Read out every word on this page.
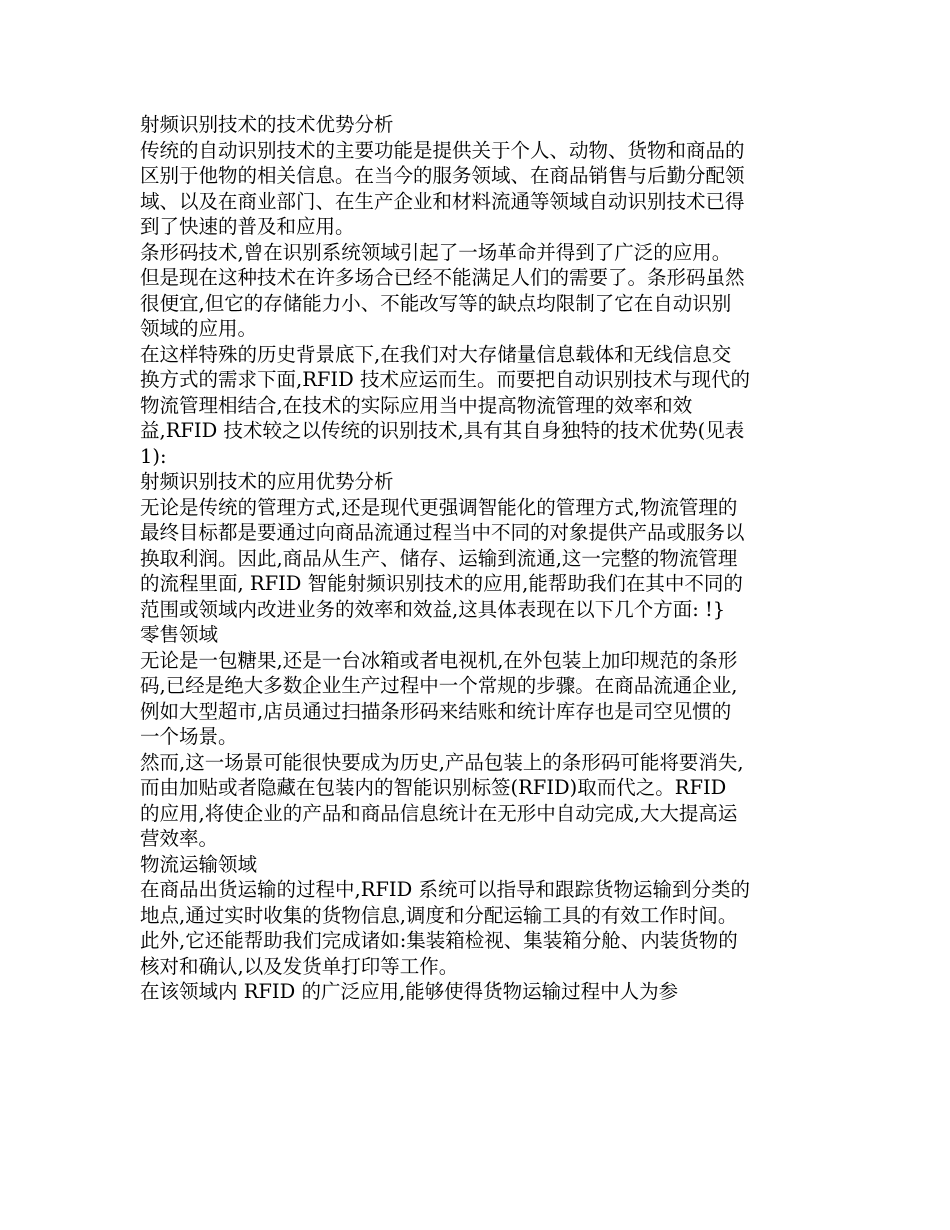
射频识别技术的技术优势分析

传统的自动识别技术的主要功能是提供关于个人、动物、货物和商品的区别于他物的相关信息。在当今的服务领域、在商品销售与后勤分配领域、以及在商业部门、在生产企业和材料流通等领域自动识别技术已得到了快速的普及和应用。

条形码技术,曾在识别系统领域引起了一场革命并得到了广泛的应用。但是现在这种技术在许多场合已经不能满足人们的需要了。条形码虽然很便宜,但它的存储能力小、不能改写等的缺点均限制了它在自动识别领域的应用。

在这样特殊的历史背景底下,在我们对大存储量信息载体和无线信息交换方式的需求下面,RFID 技术应运而生。而要把自动识别技术与现代的物流管理相结合,在技术的实际应用当中提高物流管理的效率和效益,RFID 技术较之以传统的识别技术,具有其自身独特的技术优势(见表 1):

射频识别技术的应用优势分析

无论是传统的管理方式,还是现代更强调智能化的管理方式,物流管理的最终目标都是要通过向商品流通过程当中不同的对象提供产品或服务以换取利润。因此,商品从生产、储存、运输到流通,这一完整的物流管理的流程里面, RFID 智能射频识别技术的应用,能帮助我们在其中不同的范围或领域内改进业务的效率和效益,这具体表现在以下几个方面: !}

零售领域

无论是一包糖果,还是一台冰箱或者电视机,在外包装上加印规范的条形码,已经是绝大多数企业生产过程中一个常规的步骤。在商品流通企业,例如大型超市,店员通过扫描条形码来结账和统计库存也是司空见惯的一个场景。

然而,这一场景可能很快要成为历史,产品包装上的条形码可能将要消失,而由加贴或者隐藏在包装内的智能识别标签(RFID)取而代之。RFID 的应用,将使企业的产品和商品信息统计在无形中自动完成,大大提高运营效率。

物流运输领域

在商品出货运输的过程中,RFID 系统可以指导和跟踪货物运输到分类的地点,通过实时收集的货物信息,调度和分配运输工具的有效工作时间。此外,它还能帮助我们完成诸如:集装箱检视、集装箱分舱、内装货物的核对和确认,以及发货单打印等工作。

在该领域内 RFID 的广泛应用,能够使得货物运输过程中人为参
